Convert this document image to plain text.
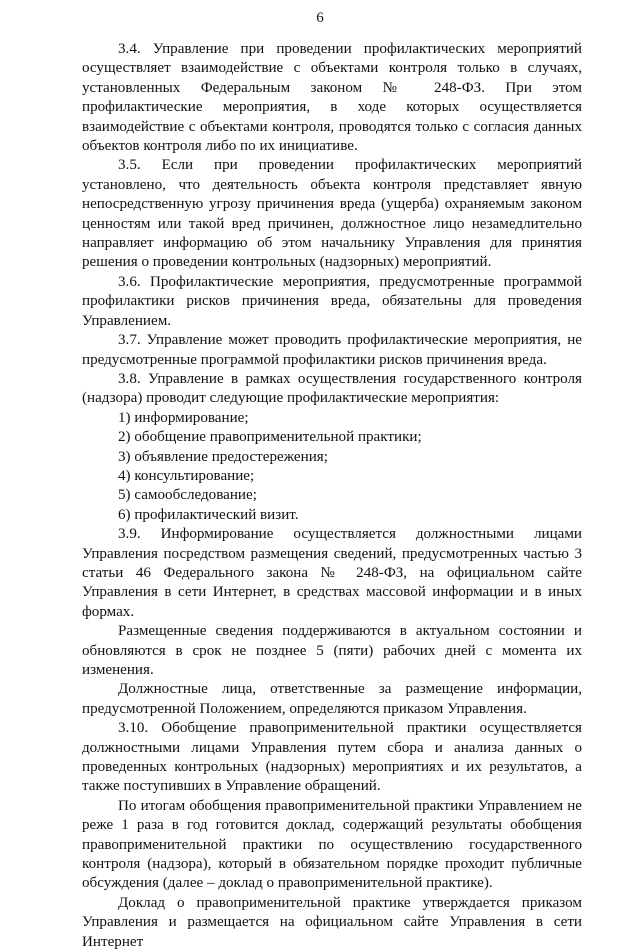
6

3.4. Управление при проведении профилактических мероприятий осуществляет взаимодействие с объектами контроля только в случаях, установленных Федеральным законом № 248-ФЗ. При этом профилактические мероприятия, в ходе которых осуществляется взаимодействие с объектами контроля, проводятся только с согласия данных объектов контроля либо по их инициативе.

3.5. Если при проведении профилактических мероприятий установлено, что деятельность объекта контроля представляет явную непосредственную угрозу причинения вреда (ущерба) охраняемым законом ценностям или такой вред причинен, должностное лицо незамедлительно направляет информацию об этом начальнику Управления для принятия решения о проведении контрольных (надзорных) мероприятий.

3.6. Профилактические мероприятия, предусмотренные программой профилактики рисков причинения вреда, обязательны для проведения Управлением.

3.7. Управление может проводить профилактические мероприятия, не предусмотренные программой профилактики рисков причинения вреда.

3.8. Управление в рамках осуществления государственного контроля (надзора) проводит следующие профилактические мероприятия:

1) информирование;

2) обобщение правоприменительной практики;

3) объявление предостережения;

4) консультирование;

5) самообследование;

6) профилактический визит.

3.9. Информирование осуществляется должностными лицами Управления посредством размещения сведений, предусмотренных частью 3 статьи 46 Федерального закона № 248-ФЗ, на официальном сайте Управления в сети Интернет, в средствах массовой информации и в иных формах.

Размещенные сведения поддерживаются в актуальном состоянии и обновляются в срок не позднее 5 (пяти) рабочих дней с момента их изменения.

Должностные лица, ответственные за размещение информации, предусмотренной Положением, определяются приказом Управления.

3.10. Обобщение правоприменительной практики осуществляется должностными лицами Управления путем сбора и анализа данных о проведенных контрольных (надзорных) мероприятиях и их результатов, а также поступивших в Управление обращений.

По итогам обобщения правоприменительной практики Управлением не реже 1 раза в год готовится доклад, содержащий результаты обобщения правоприменительной практики по осуществлению государственного контроля (надзора), который в обязательном порядке проходит публичные обсуждения (далее – доклад о правоприменительной практике).

Доклад о правоприменительной практике утверждается приказом Управления и размещается на официальном сайте Управления в сети Интернет
